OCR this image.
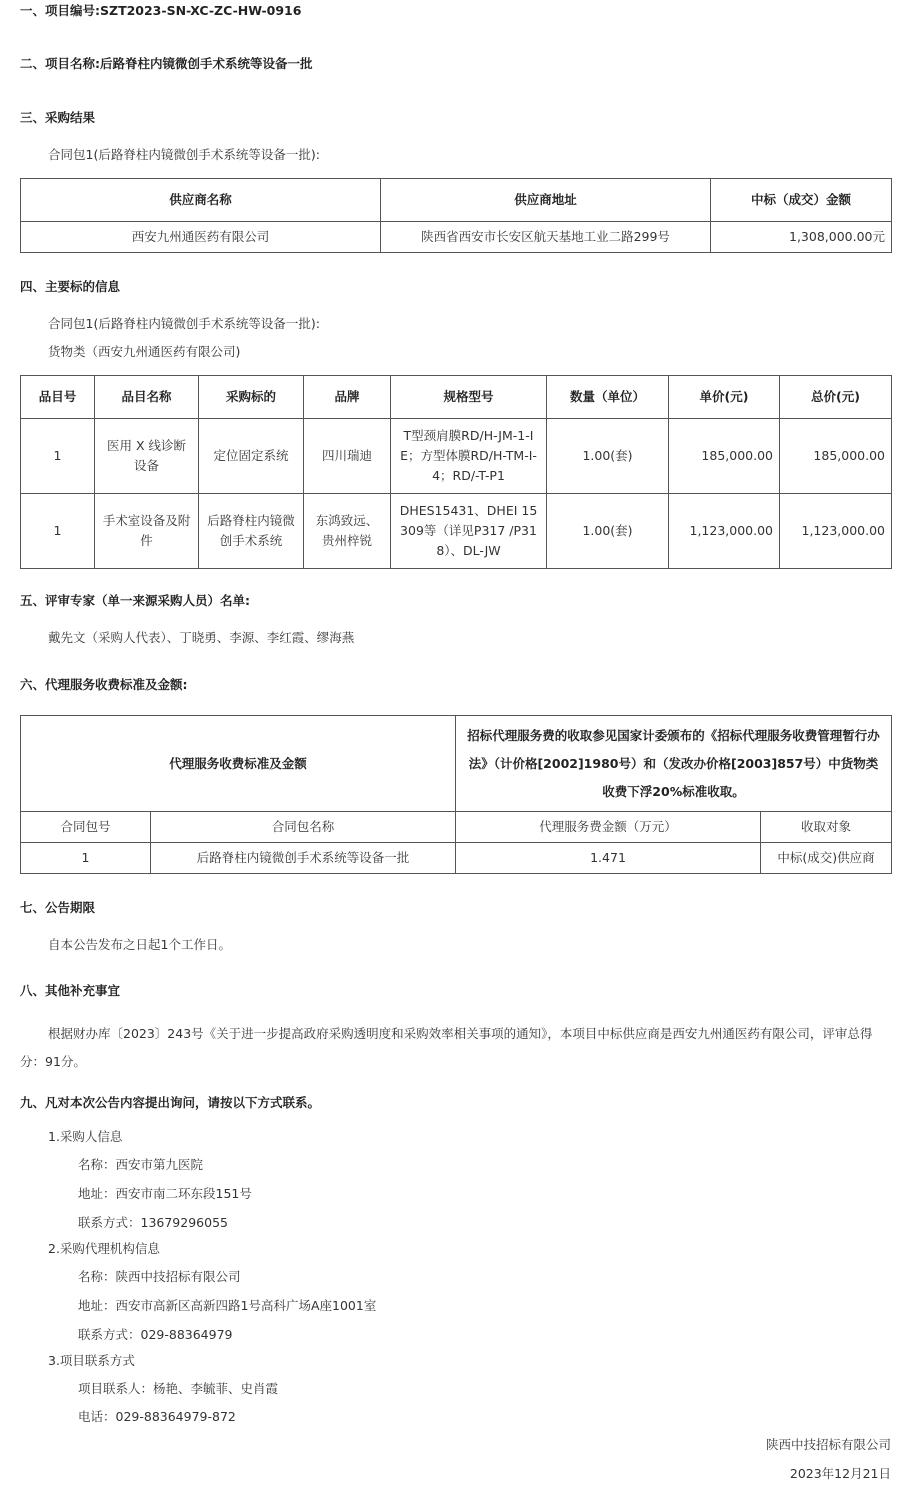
一、项目编号:SZT2023-SN-XC-ZC-HW-0916
二、项目名称:后路脊柱内镜微创手术系统等设备一批
三、采购结果
合同包1(后路脊柱内镜微创手术系统等设备一批):
供应商名称	供应商地址	中标（成交）金额
西安九州通医药有限公司	陕西省西安市长安区航天基地工业二路299号	1,308,000.00元
四、主要标的信息
合同包1(后路脊柱内镜微创手术系统等设备一批):
货物类（西安九州通医药有限公司)
品目号	品目名称	采购标的	品牌	规格型号	数量（单位）	单价(元)	总价(元)
1	医用 X 线诊断设备	定位固定系统	四川瑞迪	T型颈肩膜RD/H-JM-1-IE；方型体膜RD/H-TM-I-4；RD/-T-P1	1.00(套)	185,000.00	185,000.00
1	手术室设备及附件	后路脊柱内镜微创手术系统	东鸿致远、贵州梓锐	DHES15431、DHEI 15309等（详见P317 /P318）、DL-JW	1.00(套)	1,123,000.00	1,123,000.00
五、评审专家（单一来源采购人员）名单:
戴先文（采购人代表）、丁晓勇、李源、李红霞、缪海燕
六、代理服务收费标准及金额:
代理服务收费标准及金额		招标代理服务费的收取参见国家计委颁布的《招标代理服务收费管理暂行办法》（计价格[2002]1980号）和（发改办价格[2003]857号）中货物类收费下浮20%标准收取。	
合同包号	合同包名称	代理服务费金额（万元）	收取对象
1	后路脊柱内镜微创手术系统等设备一批	1.471	中标(成交)供应商
七、公告期限
自本公告发布之日起1个工作日。
八、其他补充事宜
根据财办库〔2023〕243号《关于进一步提高政府采购透明度和采购效率相关事项的通知》，本项目中标供应商是西安九州通医药有限公司，评审总得分：91分。
九、凡对本次公告内容提出询问，请按以下方式联系。
1.采购人信息
名称：西安市第九医院
地址：西安市南二环东段151号
联系方式：13679296055
2.采购代理机构信息
名称：陕西中技招标有限公司
地址：西安市高新区高新四路1号高科广场A座1001室
联系方式：029-88364979
3.项目联系方式
项目联系人：杨艳、李毓菲、史肖霞
电话：029-88364979-872
陕西中技招标有限公司
2023年12月21日
